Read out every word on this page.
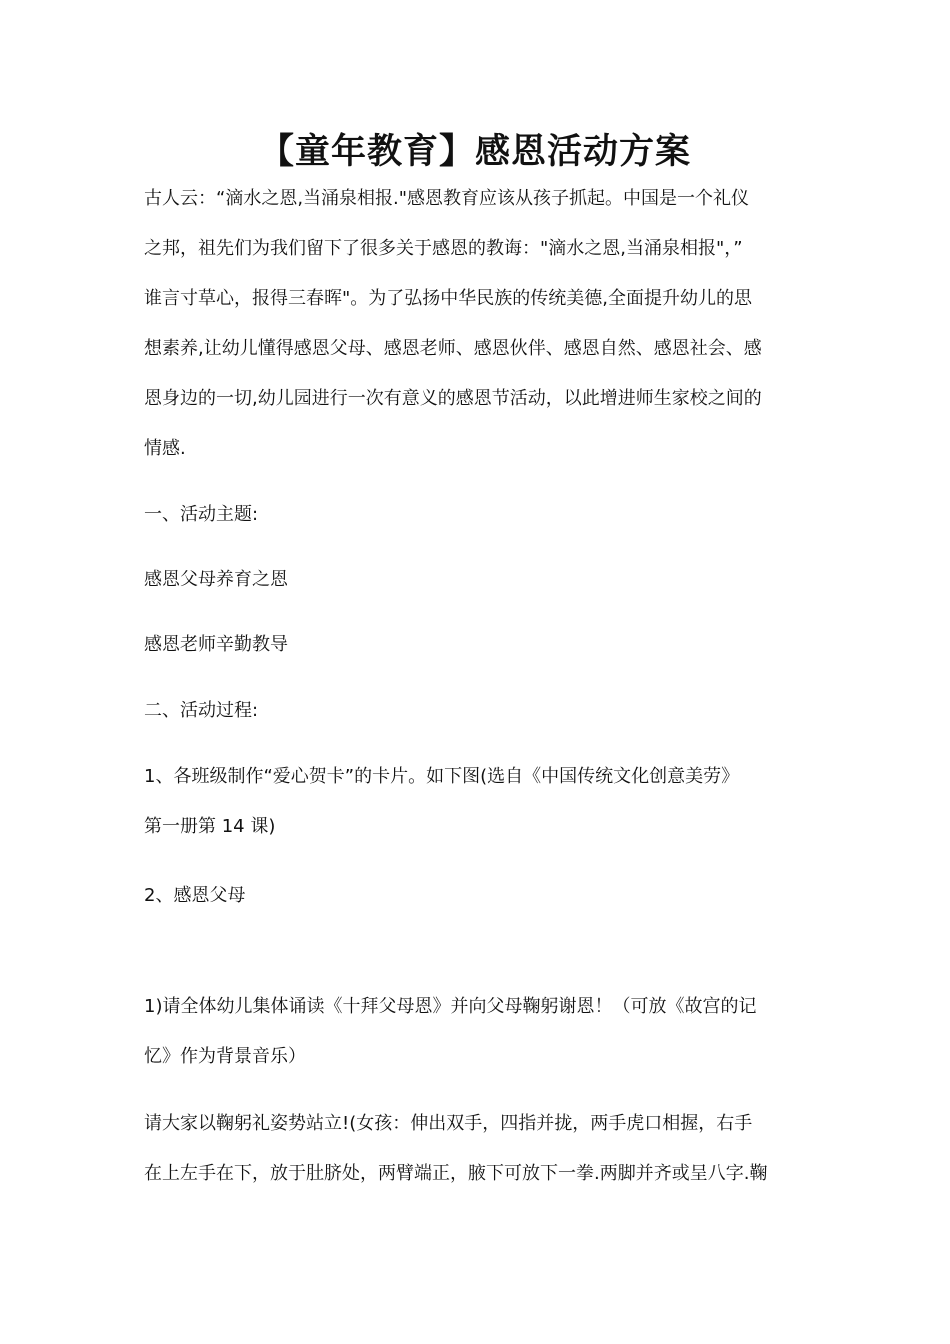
【童年教育】感恩活动方案
古人云：“滴水之恩,当涌泉相报."感恩教育应该从孩子抓起。中国是一个礼仪
之邦，祖先们为我们留下了很多关于感恩的教诲："滴水之恩,当涌泉相报"，”
谁言寸草心，报得三春晖"。为了弘扬中华民族的传统美德,全面提升幼儿的思
想素养,让幼儿懂得感恩父母、感恩老师、感恩伙伴、感恩自然、感恩社会、感
恩身边的一切,幼儿园进行一次有意义的感恩节活动，以此增进师生家校之间的
情感.
一、活动主题:
感恩父母养育之恩
感恩老师辛勤教导
二、活动过程:
1、各班级制作“爱心贺卡”的卡片。如下图(选自《中国传统文化创意美劳》
第一册第 14 课)
2、感恩父母
1)请全体幼儿集体诵读《十拜父母恩》并向父母鞠躬谢恩！（可放《故宫的记
忆》作为背景音乐）
请大家以鞠躬礼姿势站立!(女孩：伸出双手，四指并拢，两手虎口相握，右手
在上左手在下，放于肚脐处，两臂端正，腋下可放下一拳.两脚并齐或呈八字.鞠
